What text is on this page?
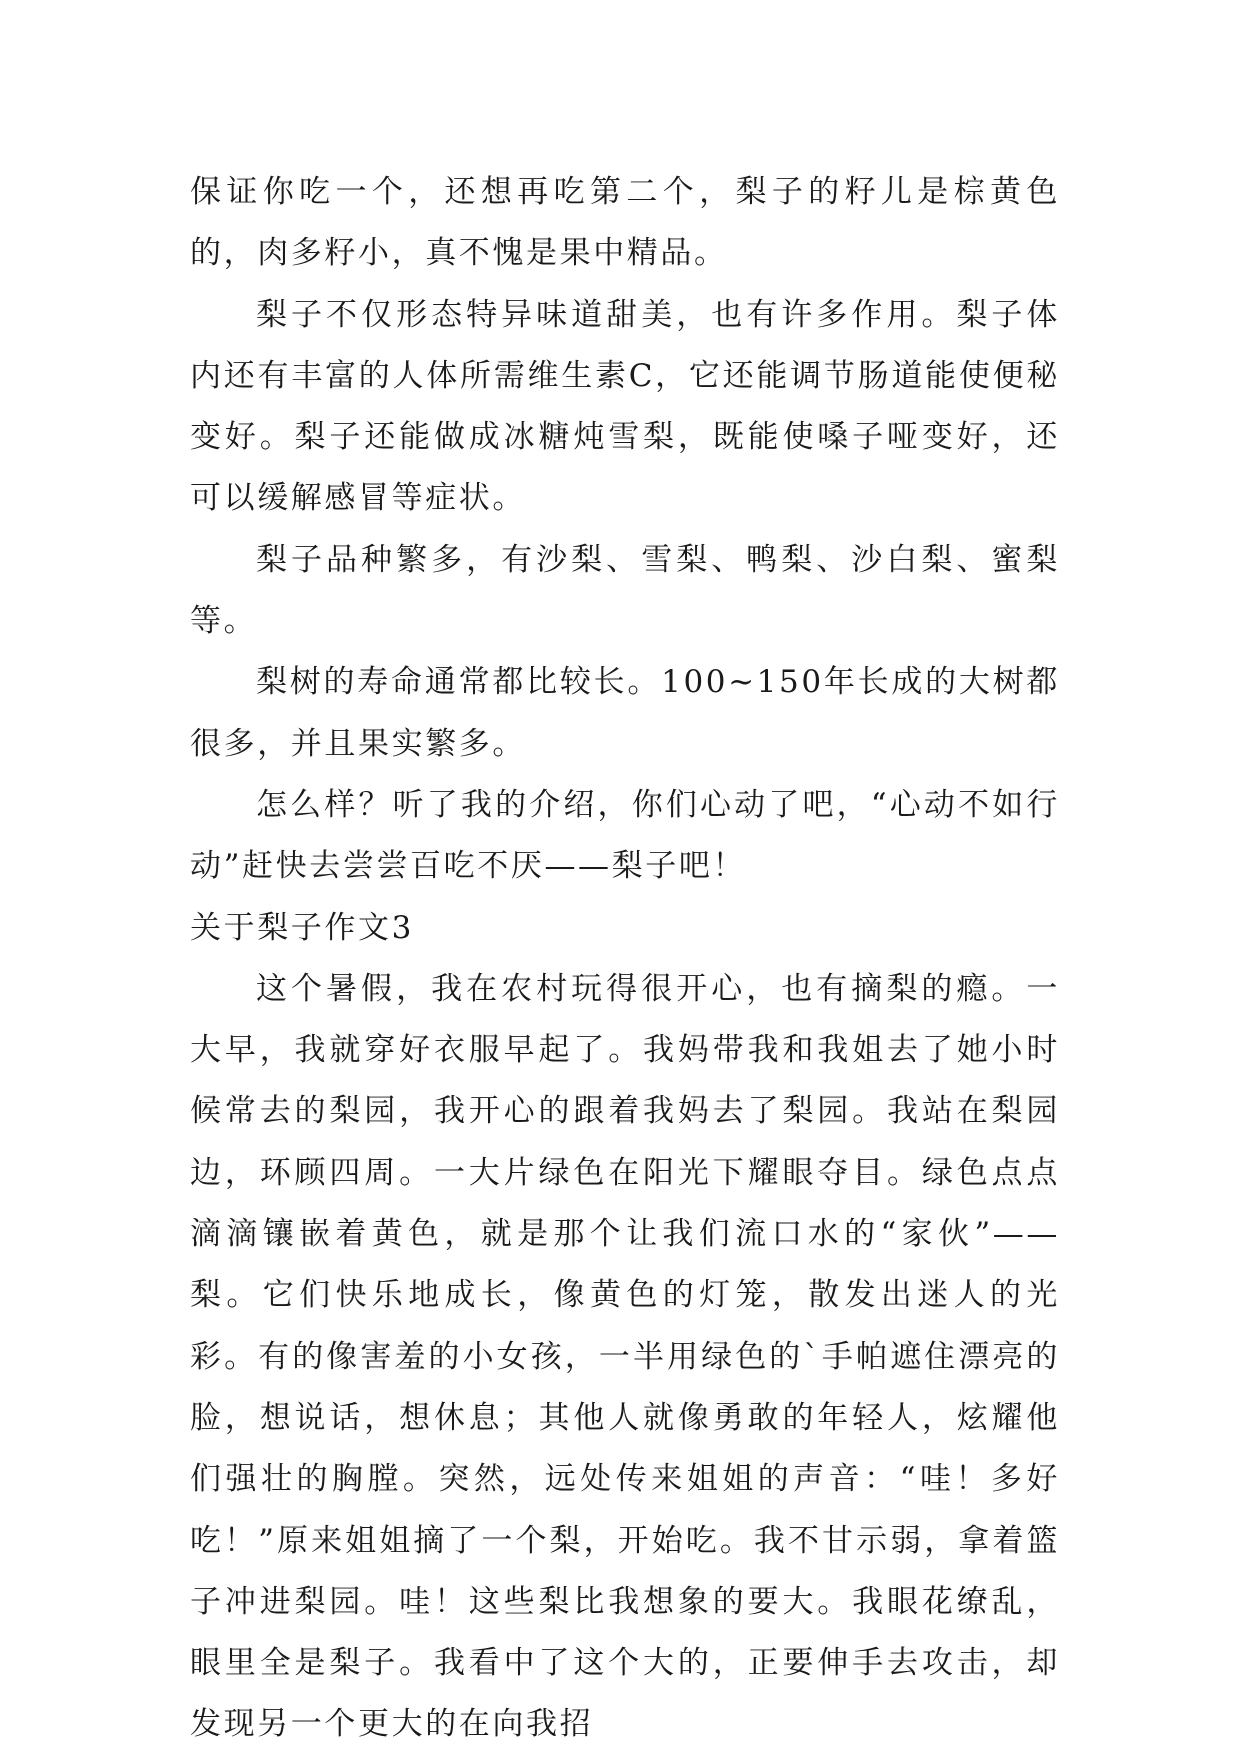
保证你吃一个，还想再吃第二个，梨子的籽儿是棕黄色的，肉多籽小，真不愧是果中精品。

梨子不仅形态特异味道甜美，也有许多作用。梨子体内还有丰富的人体所需维生素C，它还能调节肠道能使便秘变好。梨子还能做成冰糖炖雪梨，既能使嗓子哑变好，还可以缓解感冒等症状。

梨子品种繁多，有沙梨、雪梨、鸭梨、沙白梨、蜜梨等。

梨树的寿命通常都比较长。100~150年长成的大树都很多，并且果实繁多。

怎么样？听了我的介绍，你们心动了吧，“心动不如行动”赶快去尝尝百吃不厌——梨子吧！

关于梨子作文3

这个暑假，我在农村玩得很开心，也有摘梨的瘾。一大早，我就穿好衣服早起了。我妈带我和我姐去了她小时候常去的梨园，我开心的跟着我妈去了梨园。我站在梨园边，环顾四周。一大片绿色在阳光下耀眼夺目。绿色点点滴滴镶嵌着黄色，就是那个让我们流口水的“家伙”——梨。它们快乐地成长，像黄色的灯笼，散发出迷人的光彩。有的像害羞的小女孩，一半用绿色的`手帕遮住漂亮的脸，想说话，想休息；其他人就像勇敢的年轻人，炫耀他们强壮的胸膛。突然，远处传来姐姐的声音：“哇！多好吃！”原来姐姐摘了一个梨，开始吃。我不甘示弱，拿着篮子冲进梨园。哇！这些梨比我想象的要大。我眼花缭乱，眼里全是梨子。我看中了这个大的，正要伸手去攻击，却发现另一个更大的在向我招
